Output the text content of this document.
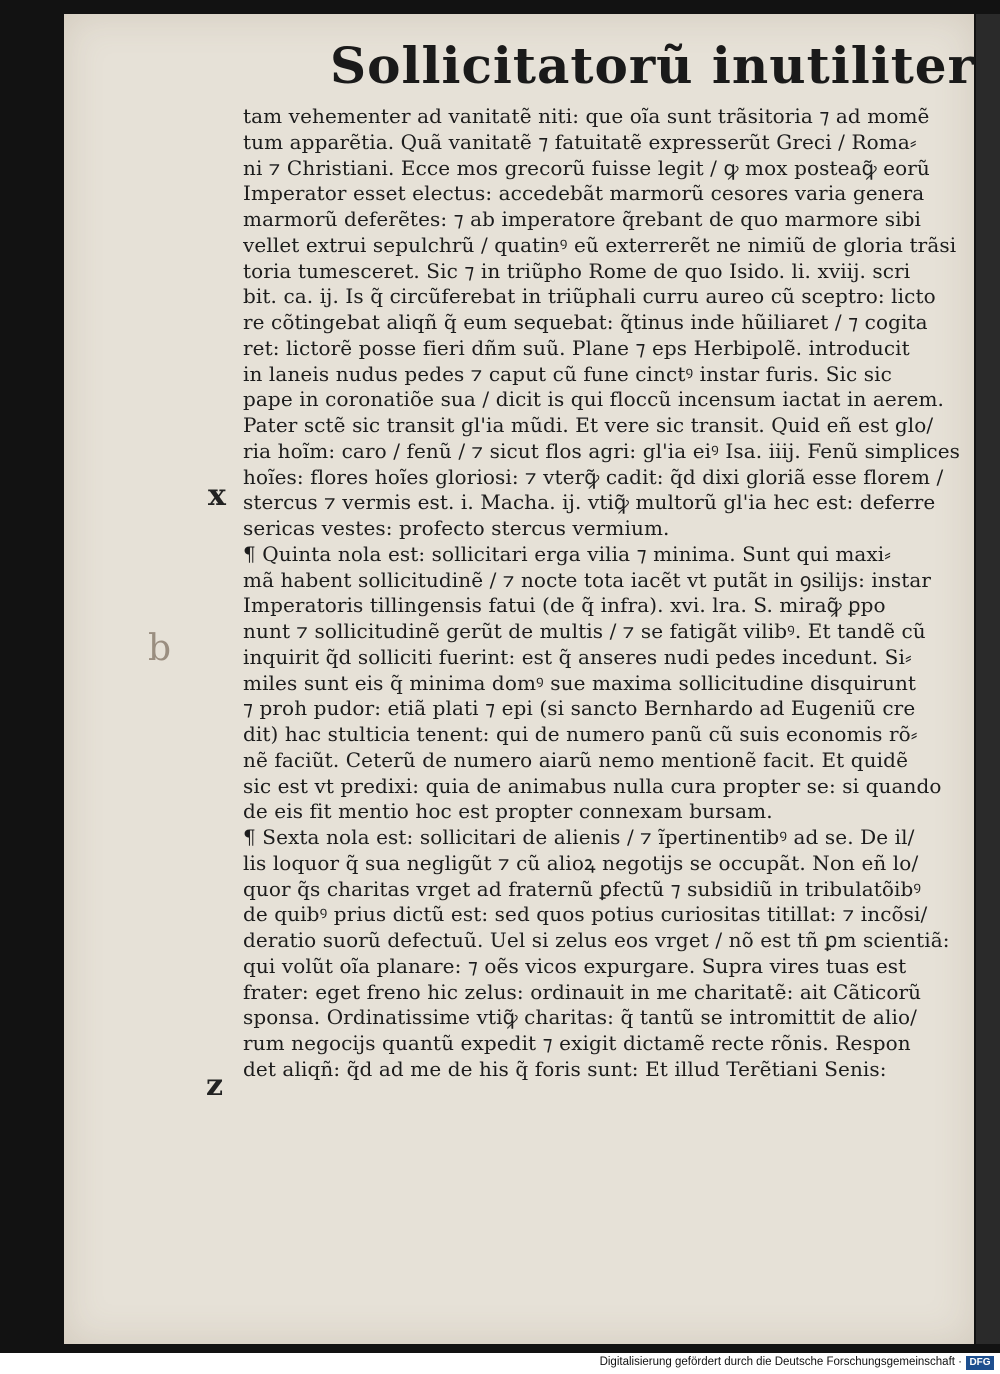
Sollicitatorũ inutiliter
tam vehementer ad vanitatẽ niti: que oĩa sunt trãsitoria ⁊ ad momẽ
tum apparẽtia. Quã vanitatẽ ⁊ fatuitatẽ expresserũt Greci / Roma⸗
ni ⁊ Christiani. Ecce mos grecorũ fuisse legit / ꝙ mox posteaꝙ͂ eorũ
Imperator esset electus: accedebãt marmorũ cesores varia genera
marmorũ deferẽtes: ⁊ ab imperatore q̃rebant de quo marmore sibi
vellet extrui sepulchrũ / quatinꝰ eũ exterrerẽt ne nimiũ de gloria trãsi
toria tumesceret. Sic ⁊ in triũpho Rome de quo Isido. li. xviij. scri
bit. ca. ij. Is q̃ circũferebat in triũphali curru aureo cũ sceptro: licto
re cõtingebat aliqñ q̃ eum sequebat: q̃tinus inde hũiliaret / ⁊ cogita
ret: lictorẽ posse fieri dñm suũ. Plane ⁊ eps Herbipolẽ. introducit
in laneis nudus pedes ⁊ caput cũ fune cinctꝰ instar furis. Sic sic
pape in coronatiõe sua / dicit is qui floccũ incensum iactat in aerem.
Pater sctẽ sic transit gl'ia mũdi. Et vere sic transit. Quid eñ est glo/
ria hoĩm: caro / fenũ / ⁊ sicut flos agri: gl'ia eiꝰ Isa. iiij. Fenũ simplices
hoĩes: flores hoĩes gloriosi: ⁊ vterꝙ͂ cadit: q̃d dixi gloriã esse florem /
stercus ⁊ vermis est. i. Macha. ij. vtiꝙ͂ multorũ gl'ia hec est: deferre
sericas vestes: profecto stercus vermium.
¶ Quinta nola est: sollicitari erga vilia ⁊ minima. Sunt qui maxi⸗
mã habent sollicitudinẽ / ⁊ nocte tota iacẽt vt putãt in ꝯsilijs: instar
Imperatoris tillingensis fatui (de q̃ infra). xvi. lra. S. miraꝙ͂ ꝑpo
nunt ⁊ sollicitudinẽ gerũt de multis / ⁊ se fatigãt vilibꝰ. Et tandẽ cũ
inquirit q̃d solliciti fuerint: est q̃ anseres nudi pedes incedunt. Si⸗
miles sunt eis q̃ minima domꝰ sue maxima sollicitudine disquirunt
⁊ proh pudor: etiã plati ⁊ epi (si sancto Bernhardo ad Eugeniũ cre
dit) hac stulticia tenent: qui de numero panũ cũ suis economis rõ⸗
nẽ faciũt. Ceterũ de numero aiarũ nemo mentionẽ facit. Et quidẽ
sic est vt predixi: quia de animabus nulla cura propter se: si quando
de eis fit mentio hoc est propter connexam bursam.
¶ Sexta nola est: sollicitari de alienis / ⁊ ĩpertinentibꝰ ad se. De il/
lis loquor q̃ sua negligũt ⁊ cũ alioꝝ negotijs se occupãt. Non eñ lo/
quor q̃s charitas vrget ad fraternũ ꝑfectũ ⁊ subsidiũ in tribulatõibꝰ
de quibꝰ prius dictũ est: sed quos potius curiositas titillat: ⁊ incõsi/
deratio suorũ defectuũ. Uel si zelus eos vrget / nõ est tñ ꝑm scientiã:
qui volũt oĩa planare: ⁊ oẽs vicos expurgare. Supra vires tuas est
frater: eget freno hic zelus: ordinauit in me charitatẽ: ait Cãticorũ
sponsa. Ordinatissime vtiꝙ͂ charitas: q̃ tantũ se intromittit de alio/
rum negocijs quantũ expedit ⁊ exigit dictamẽ recte rõnis. Respon
det aliqñ: q̃d ad me de his q̃ foris sunt: Et illud Terẽtiani Senis:
x
b
z
Digitalisierung gefördert durch die Deutsche Forschungsgemeinschaft · DFG
